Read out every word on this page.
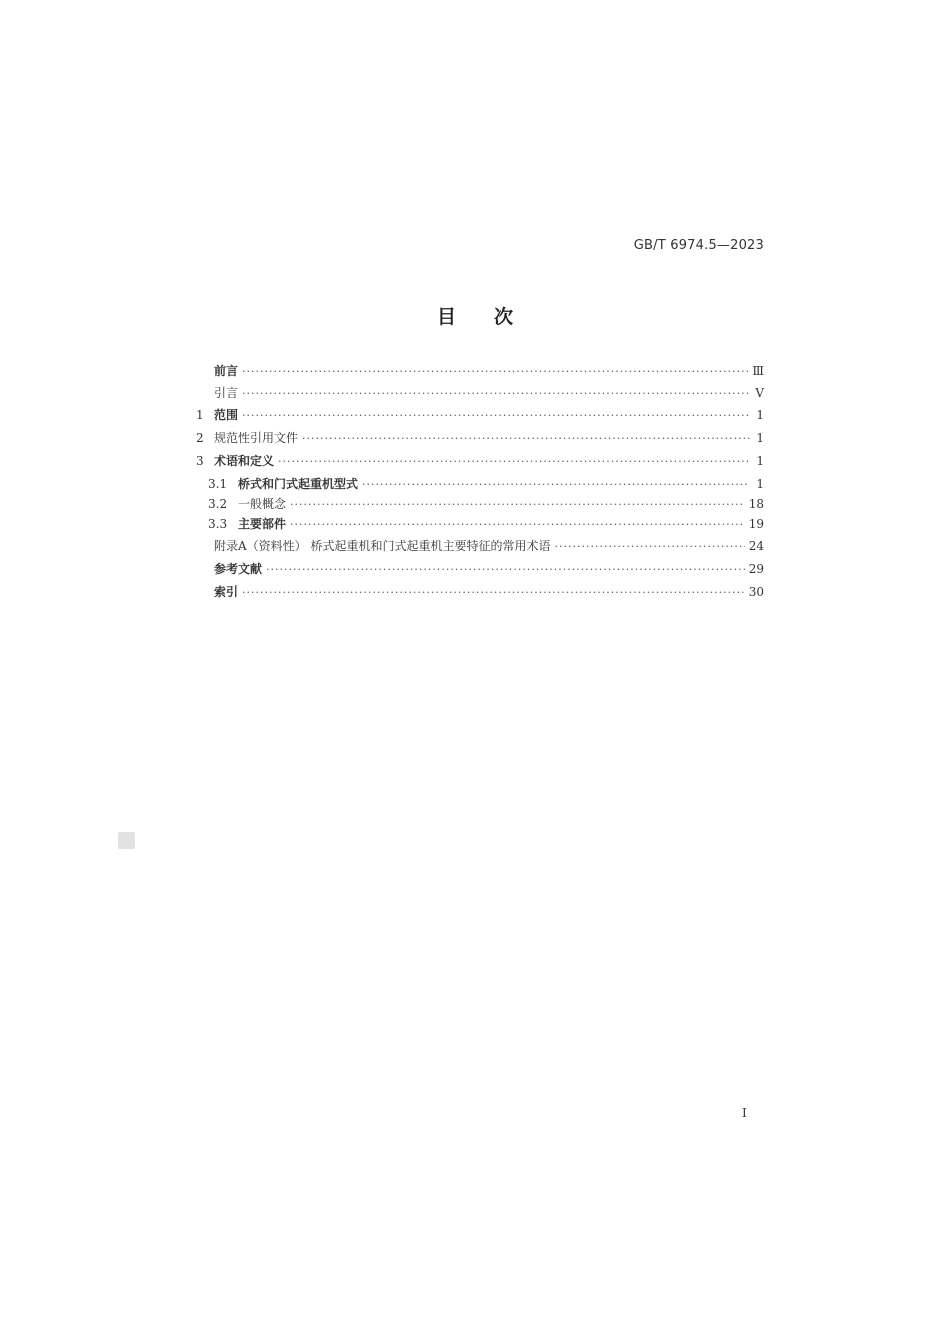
GB/T 6974.5—2023
目次
前言 ·····	Ⅲ
引言 ·····	Ⅴ
1 范围 ·····	1
2 规范性引用文件 ·····	1
3 术语和定义 ·····	1
3.1 桥式和门式起重机型式 ·····	1
3.2 一般概念 ·····	18
3.3 主要部件 ·····	19
附录A（资料性） 桥式起重机和门式起重机主要特征的常用术语 ·····	24
参考文献 ·····	29
索引 ·····	30
Ⅰ
